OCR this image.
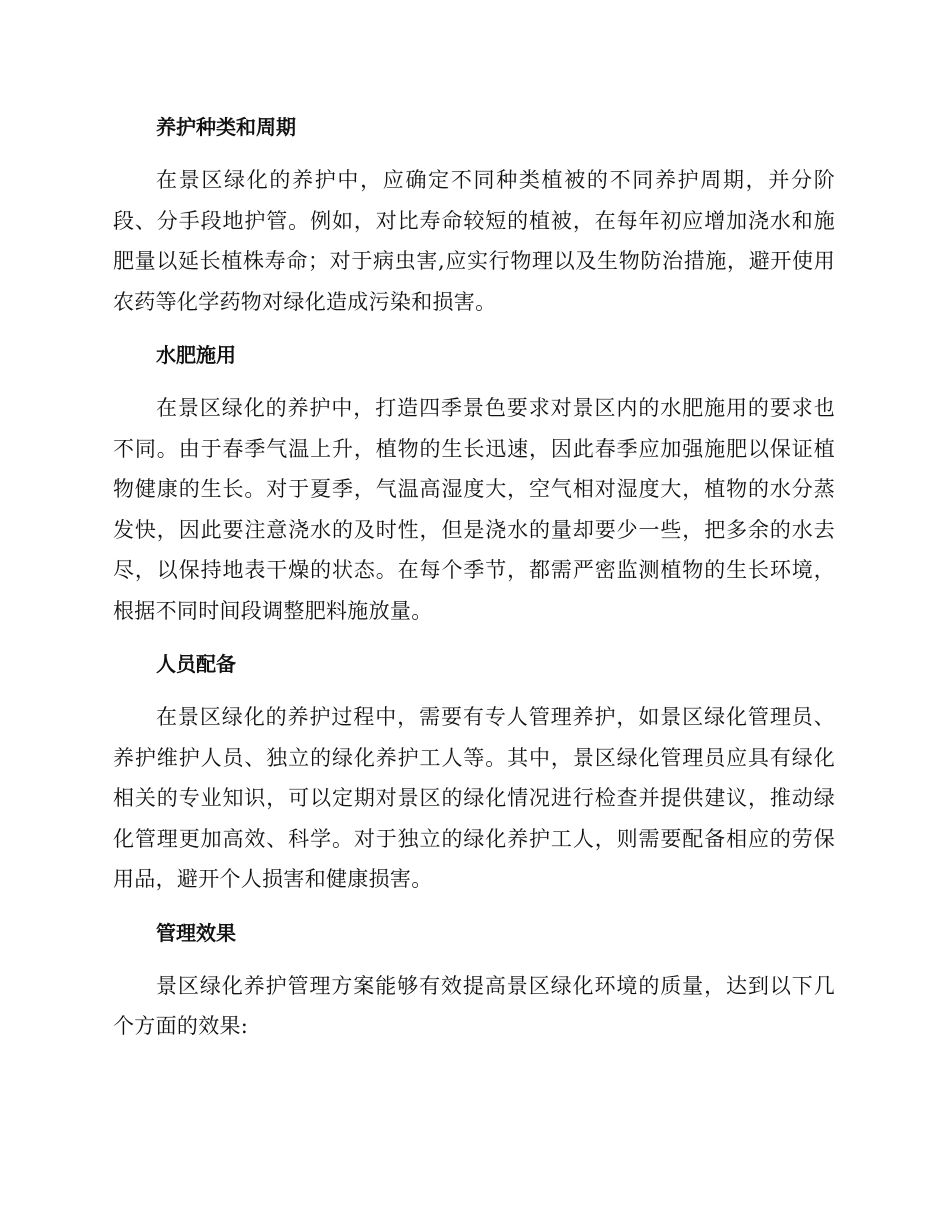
养护种类和周期

在景区绿化的养护中，应确定不同种类植被的不同养护周期，并分阶段、分手段地护管。例如，对比寿命较短的植被，在每年初应增加浇水和施肥量以延长植株寿命；对于病虫害,应实行物理以及生物防治措施，避开使用农药等化学药物对绿化造成污染和损害。

水肥施用

在景区绿化的养护中，打造四季景色要求对景区内的水肥施用的要求也不同。由于春季气温上升，植物的生长迅速，因此春季应加强施肥以保证植物健康的生长。对于夏季，气温高湿度大，空气相对湿度大，植物的水分蒸发快，因此要注意浇水的及时性，但是浇水的量却要少一些，把多余的水去尽，以保持地表干燥的状态。在每个季节，都需严密监测植物的生长环境，根据不同时间段调整肥料施放量。

人员配备

在景区绿化的养护过程中，需要有专人管理养护，如景区绿化管理员、养护维护人员、独立的绿化养护工人等。其中，景区绿化管理员应具有绿化相关的专业知识，可以定期对景区的绿化情况进行检查并提供建议，推动绿化管理更加高效、科学。对于独立的绿化养护工人，则需要配备相应的劳保用品，避开个人损害和健康损害。

管理效果

景区绿化养护管理方案能够有效提高景区绿化环境的质量，达到以下几个方面的效果:
